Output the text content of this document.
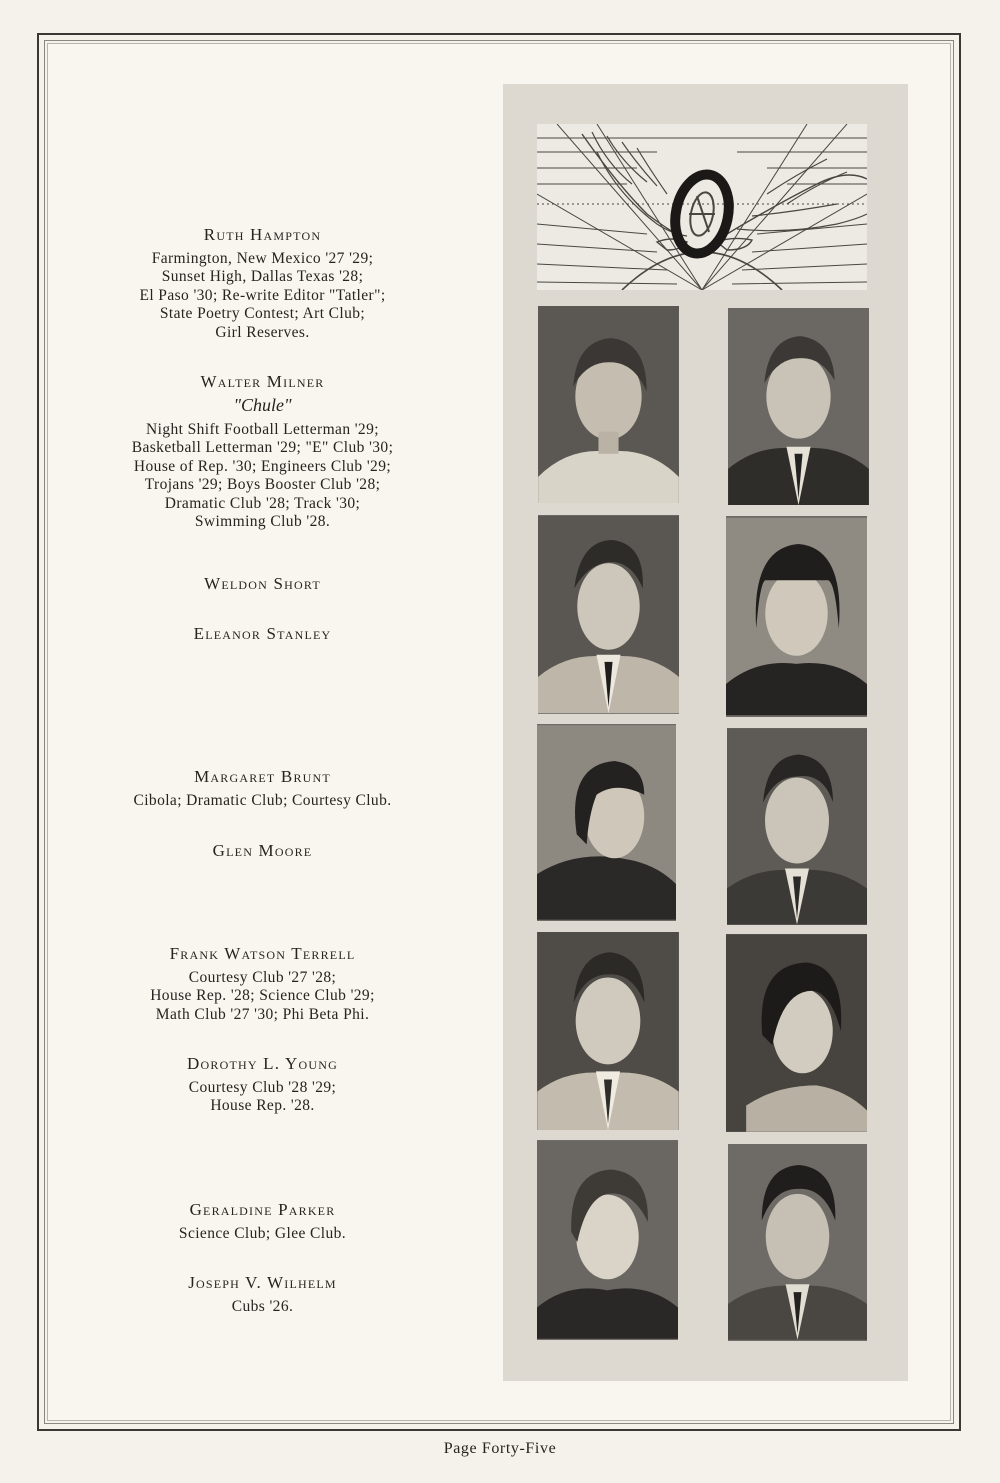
Ruth Hampton
Farmington, New Mexico '27 '29;
Sunset High, Dallas Texas '28;
El Paso '30; Re-write Editor "Tatler";
State Poetry Contest; Art Club;
Girl Reserves.
Walter Milner
"Chule"
Night Shift Football Letterman '29;
Basketball Letterman '29; "E" Club '30;
House of Rep. '30; Engineers Club '29;
Trojans '29; Boys Booster Club '28;
Dramatic Club '28; Track '30;
Swimming Club '28.
Weldon Short
Eleanor Stanley
Margaret Brunt
Cibola; Dramatic Club; Courtesy Club.
Glen Moore
Frank Watson Terrell
Courtesy Club '27 '28;
House Rep. '28; Science Club '29;
Math Club '27 '30; Phi Beta Phi.
Dorothy L. Young
Courtesy Club '28 '29;
House Rep. '28.
Geraldine Parker
Science Club; Glee Club.
Joseph V. Wilhelm
Cubs '26.
Page Forty-Five
